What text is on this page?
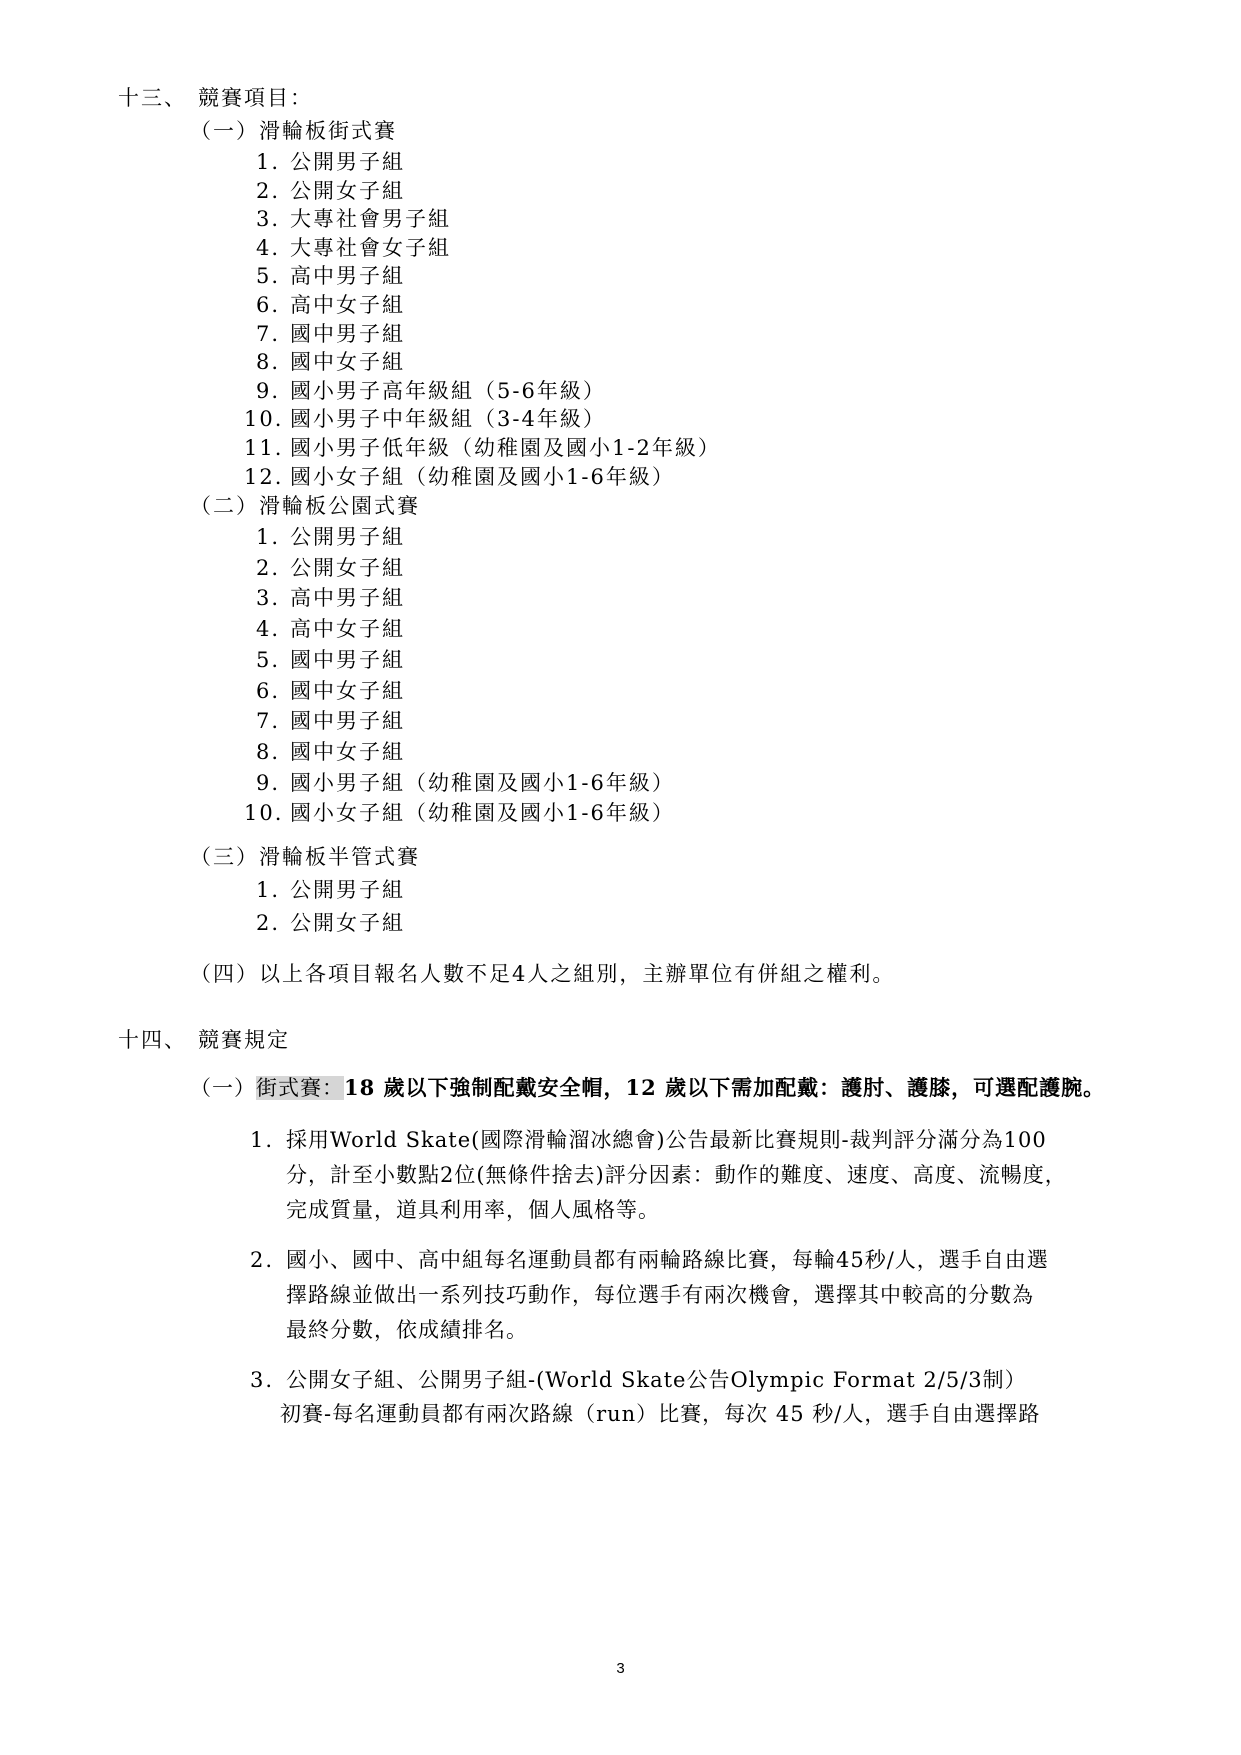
十三、 競賽項目：
（一）滑輪板街式賽
1. 公開男子組
2. 公開女子組
3. 大專社會男子組
4. 大專社會女子組
5. 高中男子組
6. 高中女子組
7. 國中男子組
8. 國中女子組
9. 國小男子高年級組（5-6年級）
10. 國小男子中年級組（3-4年級）
11. 國小男子低年級（幼稚園及國小1-2年級）
12. 國小女子組（幼稚園及國小1-6年級）
（二）滑輪板公園式賽
1. 公開男子組
2. 公開女子組
3. 高中男子組
4. 高中女子組
5. 國中男子組
6. 國中女子組
7. 國中男子組
8. 國中女子組
9. 國小男子組（幼稚園及國小1-6年級）
10. 國小女子組（幼稚園及國小1-6年級）
（三）滑輪板半管式賽
1. 公開男子組
2. 公開女子組
（四）以上各項目報名人數不足4人之組別，主辦單位有併組之權利。
十四、 競賽規定
（一）街式賽：18 歲以下強制配戴安全帽，12 歲以下需加配戴：護肘、護膝，可選配護腕。
1. 採用World Skate(國際滑輪溜冰總會)公告最新比賽規則-裁判評分滿分為100
分，計至小數點2位(無條件捨去)評分因素：動作的難度、速度、高度、流暢度，
完成質量，道具利用率，個人風格等。
2. 國小、國中、高中組每名運動員都有兩輪路線比賽，每輪45秒/人，選手自由選
擇路線並做出一系列技巧動作，每位選手有兩次機會，選擇其中較高的分數為
最終分數，依成績排名。
3. 公開女子組、公開男子組-(World Skate公告Olympic Format 2/5/3制）
初賽-每名運動員都有兩次路線（run）比賽，每次 45 秒/人，選手自由選擇路
3
